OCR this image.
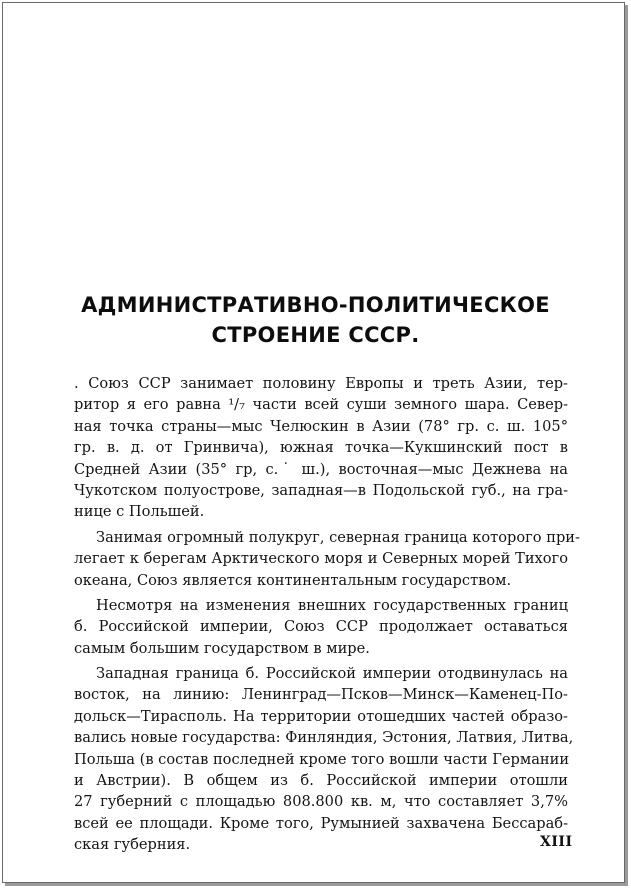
АДМИНИСТРАТИВНО-ПОЛИТИЧЕСКОЕ
СТРОЕНИЕ СССР.
. Союз ССР занимает половину Европы и треть Азии, тер-
ритор я его равна ¹/₇ части всей суши земного шара. Север-
ная точка страны—мыс Челюскин в Азии (78° гр. с. ш. 105°
гр. в. д. от Гринвича), южная точка—Кукшинский пост в
Средней Азии (35° гр, с.˙ ш.), восточная—мыс Дежнева на
Чукотском полуострове, западная—в Подольской губ., на гра-
нице с Польшей.
Занимая огромный полукруг, северная граница которого при-
легает к берегам Арктического моря и Северных морей Тихого
океана, Союз является континентальным государством.
Несмотря на изменения внешних государственных границ
б. Российской империи, Союз ССР продолжает оставаться
самым большим государством в мире.
Западная граница б. Российской империи отодвинулась на
восток, на линию: Ленинград—Псков—Минск—Каменец-По-
дольск—Тирасполь. На территории отошедших частей образо-
вались новые государства: Финляндия, Эстония, Латвия, Литва,
Польша (в состав последней кроме того вошли части Германии
и Австрии). В общем из б. Российской империи отошли
27 губерний с площадью 808.800 кв. м, что составляет 3,7%
всей ее площади. Кроме того, Румынией захвачена Бессараб-
ская губерния.	XIII
